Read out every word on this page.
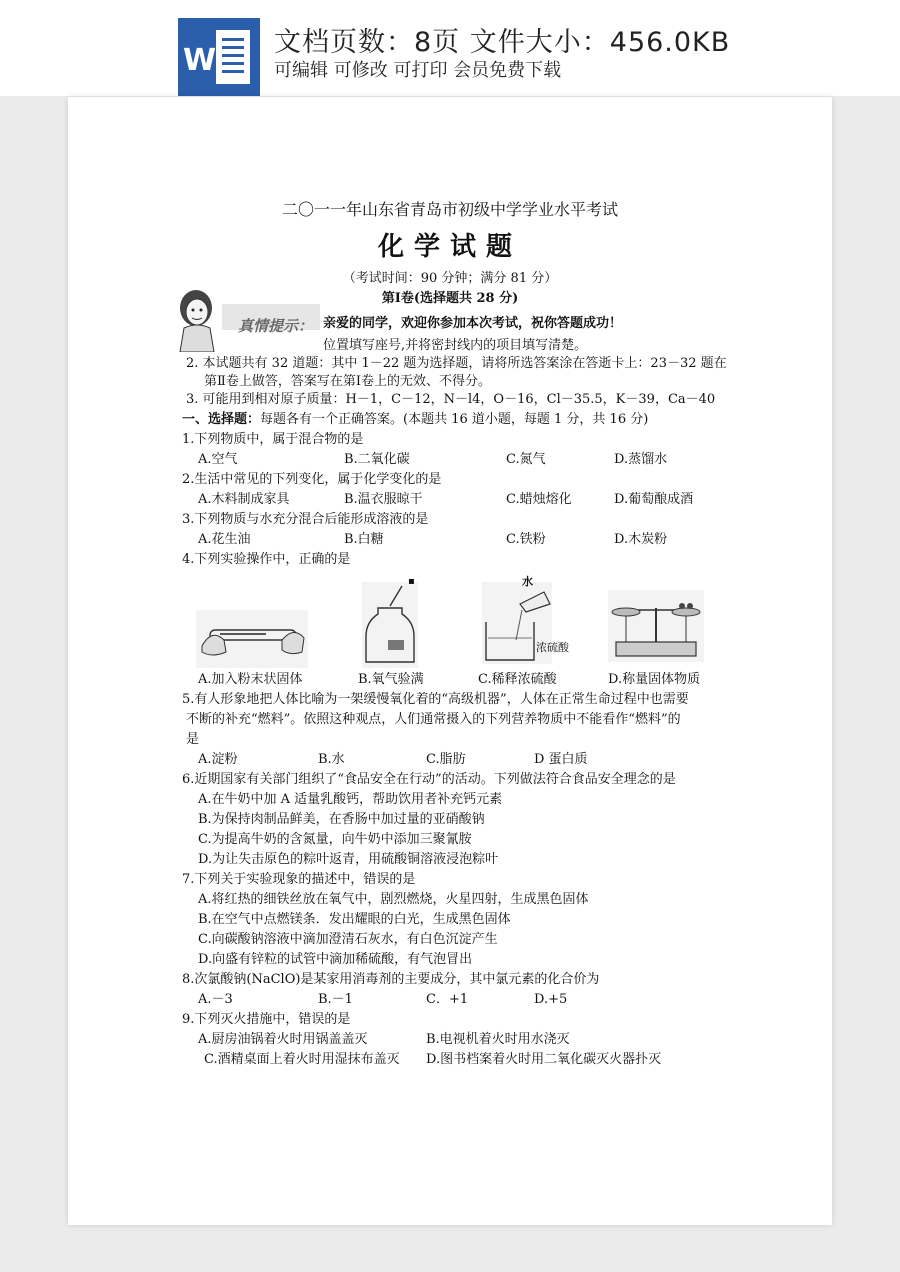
W
文档页数：8页 文件大小：456.0KB
可编辑 可修改 可打印 会员免费下载
二〇一一年山东省青岛市初级中学学业水平考试
化学试题
（考试时间：90 分钟；满分 81 分）
第Ⅰ卷(选择题共 28 分)
真情提示： 亲爱的同学，欢迎你参加本次考试，祝你答题成功！
位置填写座号,并将密封线内的项目填写清楚。
2. 本试题共有 32 道题：其中 1－22 题为选择题，请将所选答案涂在答逝卡上：23－32 题在
第Ⅱ卷上做答，答案写在第Ⅰ卷上的无效、不得分。
3. 可能用到相对原子质量：H－1，C－12，N－l4，O－16，Cl－35.5，K－39，Ca－40
一、选择题：每题各有一个正确答案。(本题共 16 道小题，每题 1 分，共 16 分)
1.下列物质中，属于混合物的是
A.空气	B.二氧化碳	C.氮气	D.蒸馏水
2.生活中常见的下列变化，属于化学变化的是
A.木料制成家具	B.温衣服晾干	C.蜡烛熔化	D.葡萄酿成酒
3.下列物质与水充分混合后能形成溶液的是
A.花生油	B.白糖	C.铁粉	D.木炭粉
4.下列实验操作中，正确的是
▪	水
浓硫酸
A.加入粉末状固体	B.氧气验满	C.稀释浓硫酸	D.称量固体物质
5.有人形象地把人体比喻为一架缓慢氧化着的“高级机器”，人体在正常生命过程中也需要
不断的补充“燃料”。依照这种观点，人们通常摄入的下列营养物质中不能看作“燃料”的
是
A.淀粉	B.水	C.脂肪	D 蛋白质
6.近期国家有关部门组织了“食品安全在行动”的活动。下列做法符合食品安全理念的是
A.在牛奶中加 A 适量乳酸钙，帮助饮用者补充钙元素
B.为保持肉制品鲜美，在香肠中加过量的亚硝酸钠
C.为提高牛奶的含氮量，向牛奶中添加三聚氰胺
D.为让失击原色的粽叶返青，用硫酸铜溶液浸泡粽叶
7.下列关于实验现象的描述中，错误的是
A.将红热的细铁丝放在氧气中，剧烈燃烧，火星四射，生成黑色固体
B.在空气中点燃镁条．发出耀眼的白光，生成黑色固体
C.向碳酸钠溶液中滴加澄清石灰水，有白色沉淀产生
D.向盛有锌粒的试管中滴加稀硫酸，有气泡冒出
8.次氯酸钠(NaClO)是某家用消毒剂的主要成分，其中氯元素的化合价为
A.－3	B.－1	C．+1	D.+5
9.下列灭火措施中，错误的是
A.厨房油锅着火时用锅盖盖灭	B.电视机着火时用水浇灭
C.酒精桌面上着火时用湿抹布盖灭 D.图书档案着火时用二氧化碳灭火器扑灭
